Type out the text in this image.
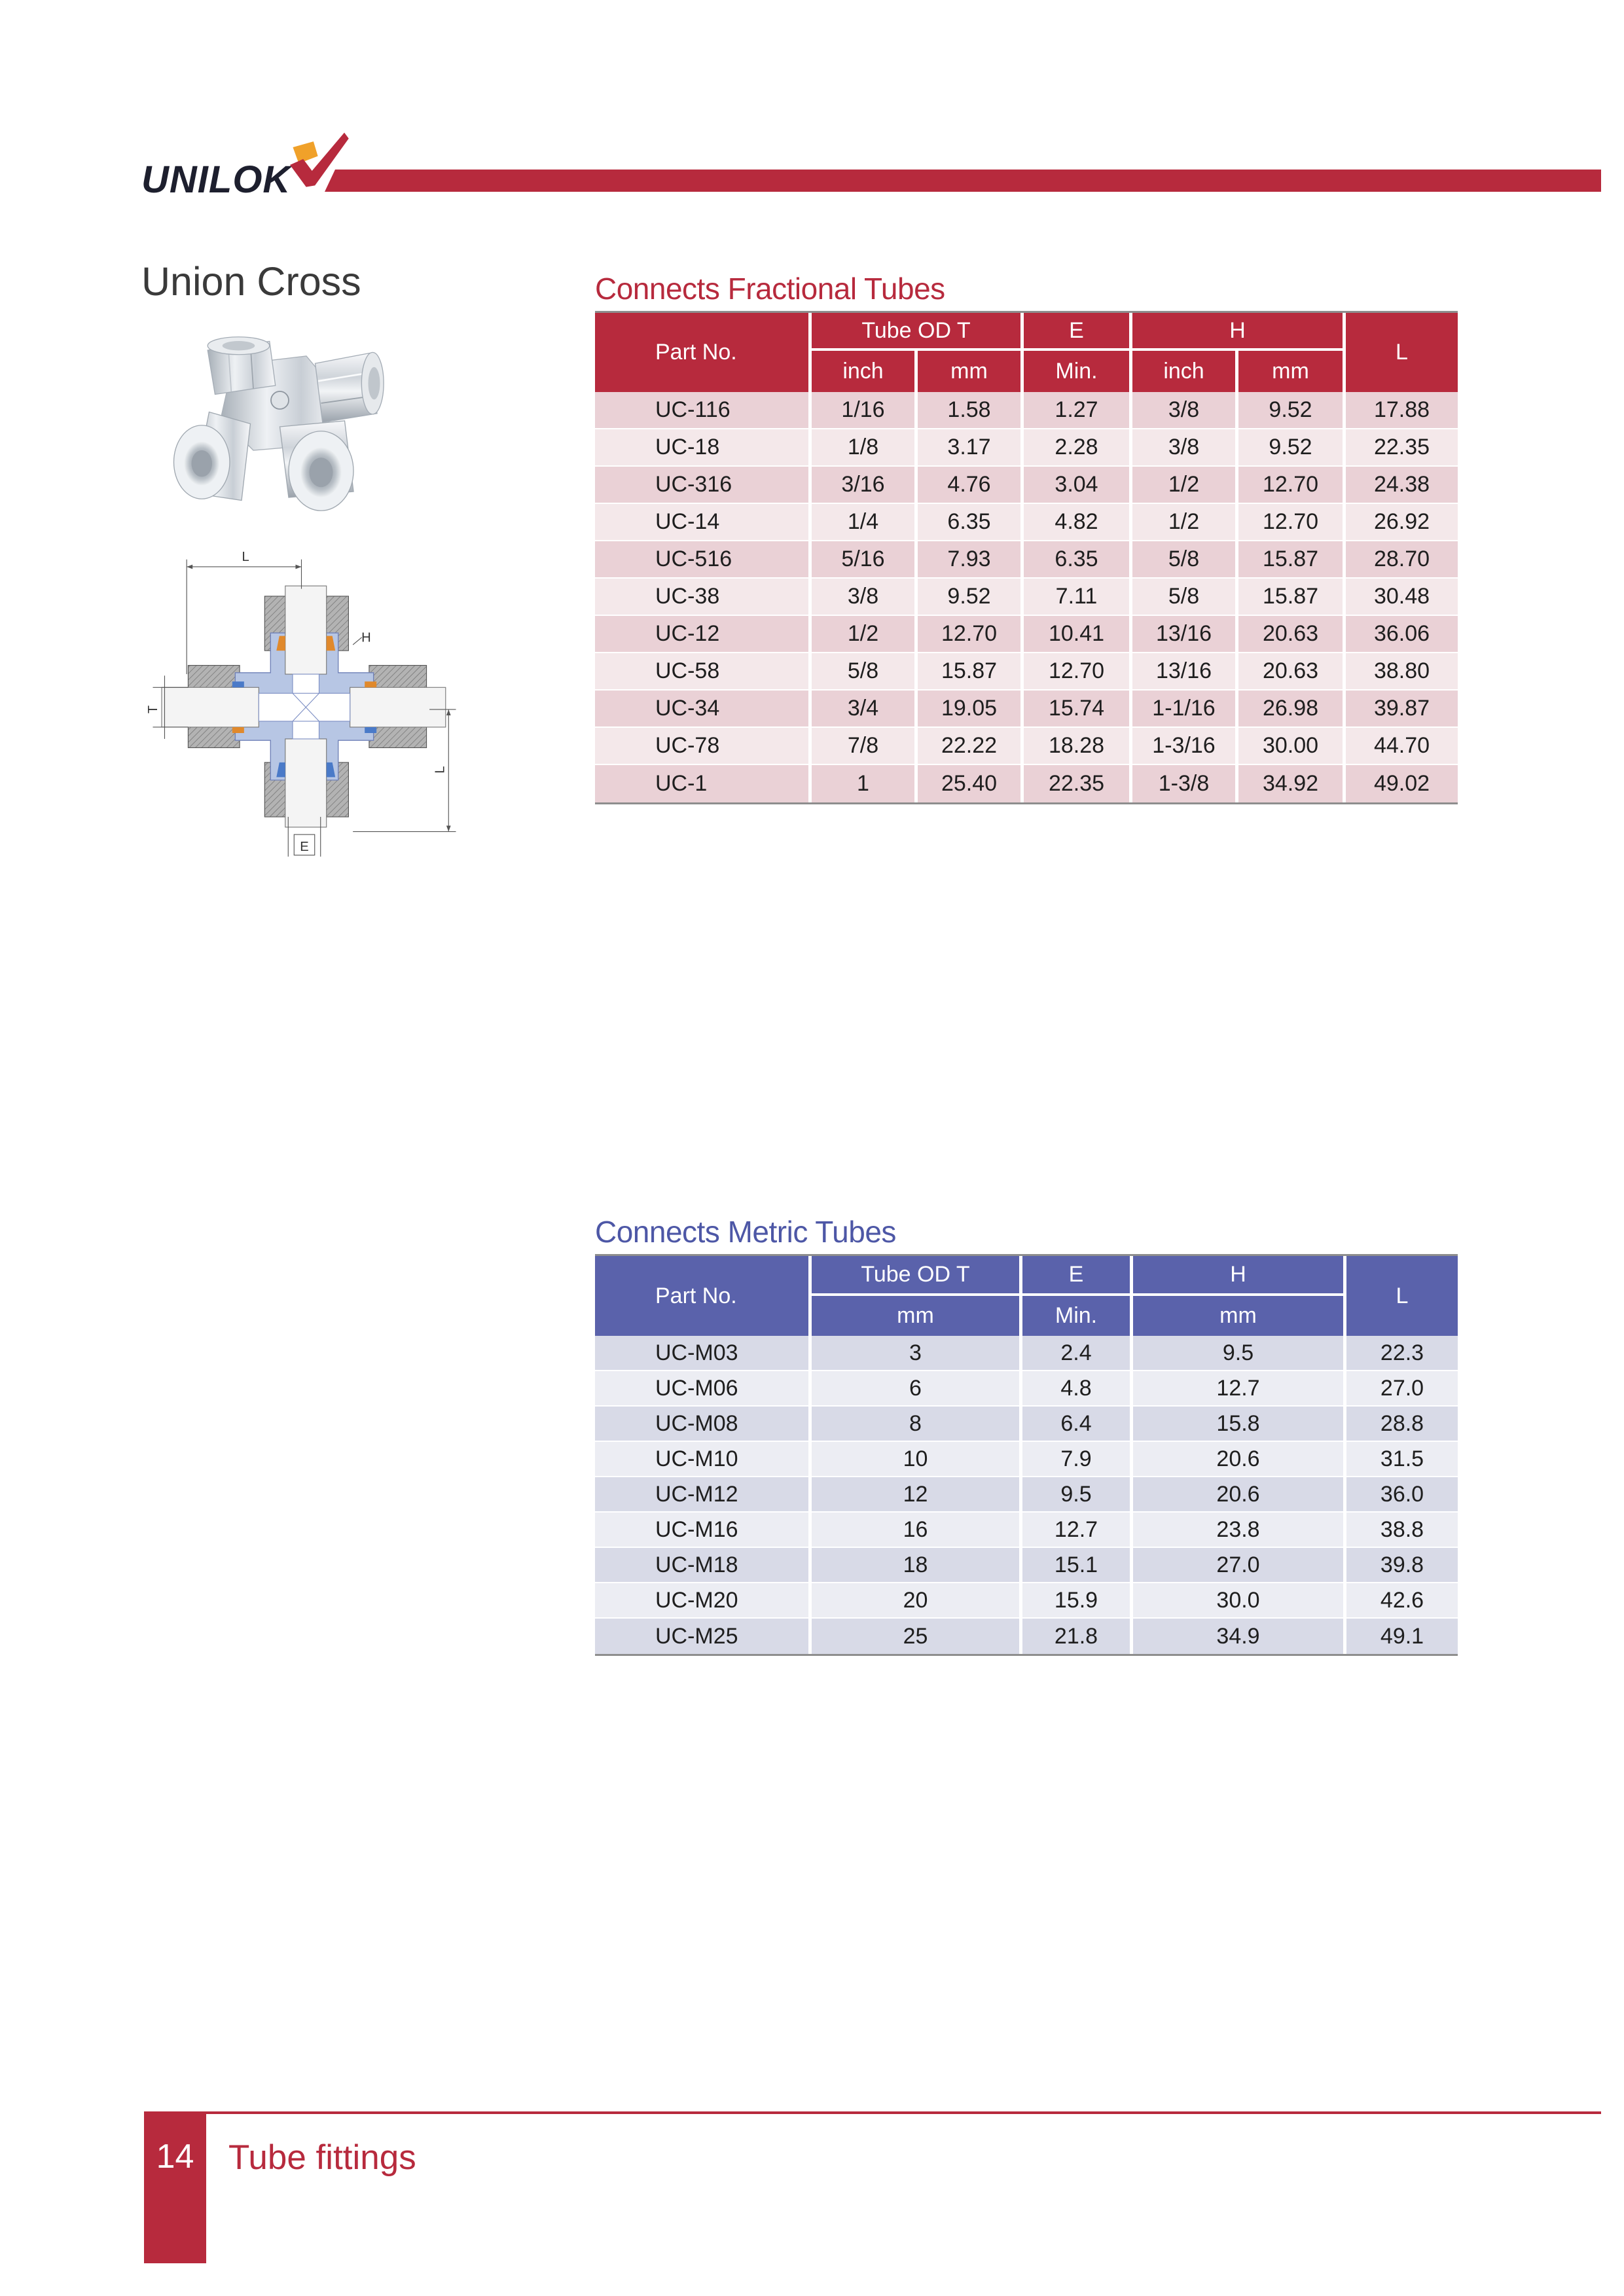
UNILOK
Union Cross
L
H
T
L
E
Connects Fractional Tubes
Part No.	Tube OD T		E	H		L
	inch	mm	Min.	inch	mm	
UC-116	1/16	1.58	1.27	3/8	9.52	17.88
UC-18	1/8	3.17	2.28	3/8	9.52	22.35
UC-316	3/16	4.76	3.04	1/2	12.70	24.38
UC-14	1/4	6.35	4.82	1/2	12.70	26.92
UC-516	5/16	7.93	6.35	5/8	15.87	28.70
UC-38	3/8	9.52	7.11	5/8	15.87	30.48
UC-12	1/2	12.70	10.41	13/16	20.63	36.06
UC-58	5/8	15.87	12.70	13/16	20.63	38.80
UC-34	3/4	19.05	15.74	1-1/16	26.98	39.87
UC-78	7/8	22.22	18.28	1-3/16	30.00	44.70
UC-1	1	25.40	22.35	1-3/8	34.92	49.02
Connects Metric Tubes
Part No.	Tube OD T	E	H	L
	mm	Min.	mm	
UC-M03	3	2.4	9.5	22.3
UC-M06	6	4.8	12.7	27.0
UC-M08	8	6.4	15.8	28.8
UC-M10	10	7.9	20.6	31.5
UC-M12	12	9.5	20.6	36.0
UC-M16	16	12.7	23.8	38.8
UC-M18	18	15.1	27.0	39.8
UC-M20	20	15.9	30.0	42.6
UC-M25	25	21.8	34.9	49.1
14 Tube fittings
